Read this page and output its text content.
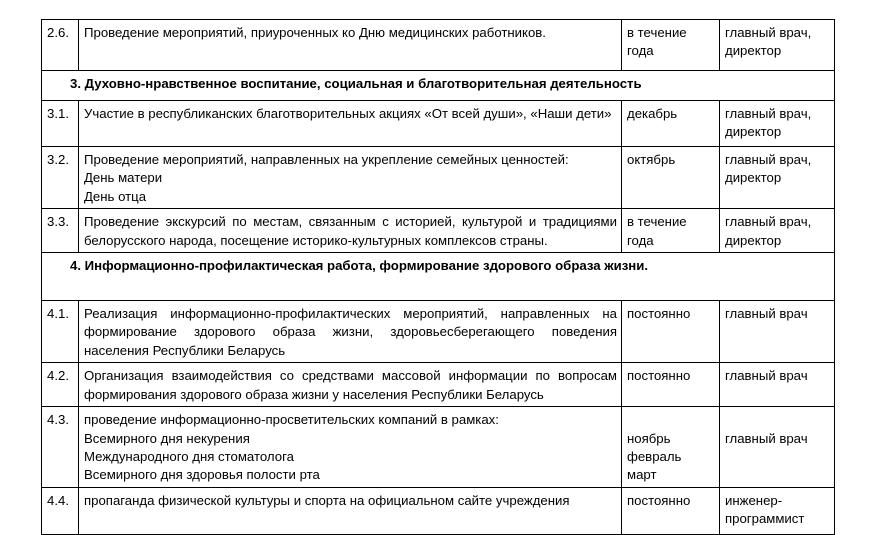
2.6.	Проведение мероприятий, приуроченных ко Дню медицинских работников.	в течение
года	главный врач,
директор

3. Духовно-нравственное воспитание, социальная и благотворительная деятельность			
3.1.	Участие в республиканских благотворительных акциях «От всей души», «Наши дети»	декабрь	главный врач,
директор

3.2.	Проведение мероприятий, направленных на укрепление семейных ценностей:
День матери
День отца	октябрь	главный врач,
директор

3.3.	Проведение экскурсий по местам, связанным с историей, культурой и традициями белорусского народа, посещение историко-культурных комплексов страны.	в течение
года	главный врач,
директор

4. Информационно-профилактическая работа, формирование здорового образа жизни.			
4.1.	Реализация информационно-профилактических мероприятий, направленных на формирование здорового образа жизни, здоровьесберегающего поведения населения Республики Беларусь	постоянно	главный врач

4.2.	Организация взаимодействия со средствами массовой информации по вопросам формирования здорового образа жизни у населения Республики Беларусь	постоянно	главный врач

4.3.	проведение информационно-просветительских компаний в рамках:
Всемирного дня некурения
Международного дня стоматолога
Всемирного дня здоровья полости рта	ноябрь
февраль
март	главный врач

4.4.	пропаганда физической культуры и спорта на официальном сайте учреждения	постоянно	инженер-
программист
